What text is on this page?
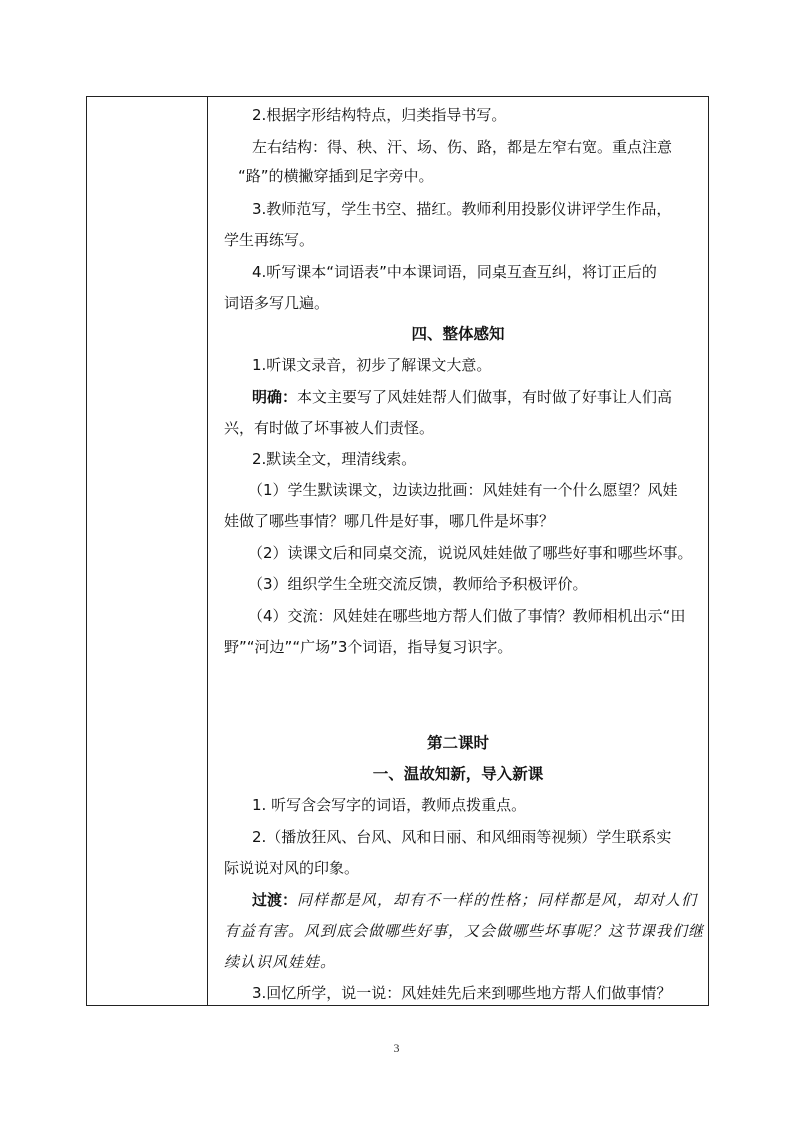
2.根据字形结构特点，归类指导书写。
左右结构：得、秧、汗、场、伤、路，都是左窄右宽。重点注意
“路”的横撇穿插到足字旁中。
3.教师范写，学生书空、描红。教师利用投影仪讲评学生作品，
学生再练写。
4.听写课本“词语表”中本课词语，同桌互查互纠，将订正后的
词语多写几遍。
四、整体感知
1.听课文录音，初步了解课文大意。
明确：本文主要写了风娃娃帮人们做事，有时做了好事让人们高
兴，有时做了坏事被人们责怪。
2.默读全文，理清线索。
（1）学生默读课文，边读边批画：风娃娃有一个什么愿望？风娃
娃做了哪些事情？哪几件是好事，哪几件是坏事？
（2）读课文后和同桌交流，说说风娃娃做了哪些好事和哪些坏事。
（3）组织学生全班交流反馈，教师给予积极评价。
（4）交流：风娃娃在哪些地方帮人们做了事情？教师相机出示“田
野”“河边”“广场”3个词语，指导复习识字。
第二课时
一、温故知新，导入新课
1. 听写含会写字的词语，教师点拨重点。
2.（播放狂风、台风、风和日丽、和风细雨等视频）学生联系实
际说说对风的印象。
过渡：同样都是风，却有不一样的性格；同样都是风，却对人们
有益有害。风到底会做哪些好事，又会做哪些坏事呢？这节课我们继
续认识风娃娃。
3.回忆所学，说一说：风娃娃先后来到哪些地方帮人们做事情？
3
